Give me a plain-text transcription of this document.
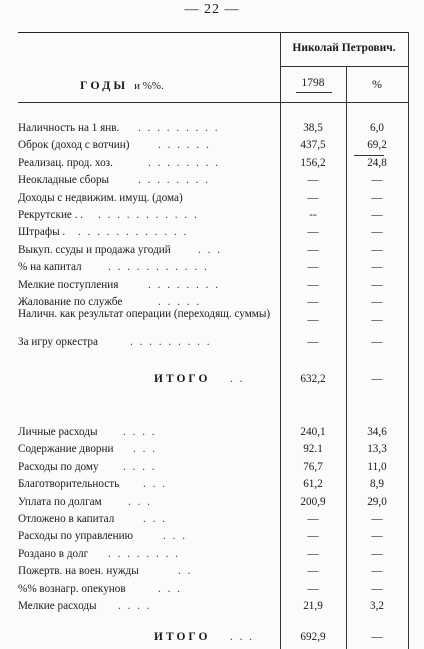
— 22 —
Николай Петрович.
ГОДЫ и %%.	1798	%
Наличность на 1 янв. . . . . . . . . .	38,5	6,0
Оброк (доход с вотчин)	. . . . . .	437,5	69,2
Реализац. прод. хоз.	. . . . . . . .	156,2	24,8
Неокладные сборы	. . . . . . . .	—	—
Доходы с недвижим. имущ. (дома)	—	—
Рекрутские . . . . . . . . . . . . .	--	—
Штрафы . . . . . . . . . . . . .	—	—
Выкуп. ссуды и продажа угодий . . .	—	—
% на капитал . . . . . . . . . . .	—	—
Мелкие поступления	. . . . . . . .	—	—
Жалование по службе	. . . . .	—	—
Наличн. как результат операции (переходящ. суммы)	—	—
За игру оркестра	. . . . . . . . .	—	—
ИТОГО . .	632,2	—
Личные расходы . . . .	240,1	34,6
Содержание дворни . . .	92.1	13,3
Расходы по дому . . . .	76,7	11,0
Благотворительность . . .	61,2	8,9
Уплата по долгам . . .	200,9	29,0
Отложено в капитал	. . .	—	—
Расходы по управлению	. . .	—	—
Роздано в долг . . . . . . . .	—	—
Пожертв. на воен. нужды	. .	—	—
%% вознагр. опекунов	. . .	—	—
Мелкие расходы . . . .	21,9	3,2
ИТОГО . . .	692,9	—
